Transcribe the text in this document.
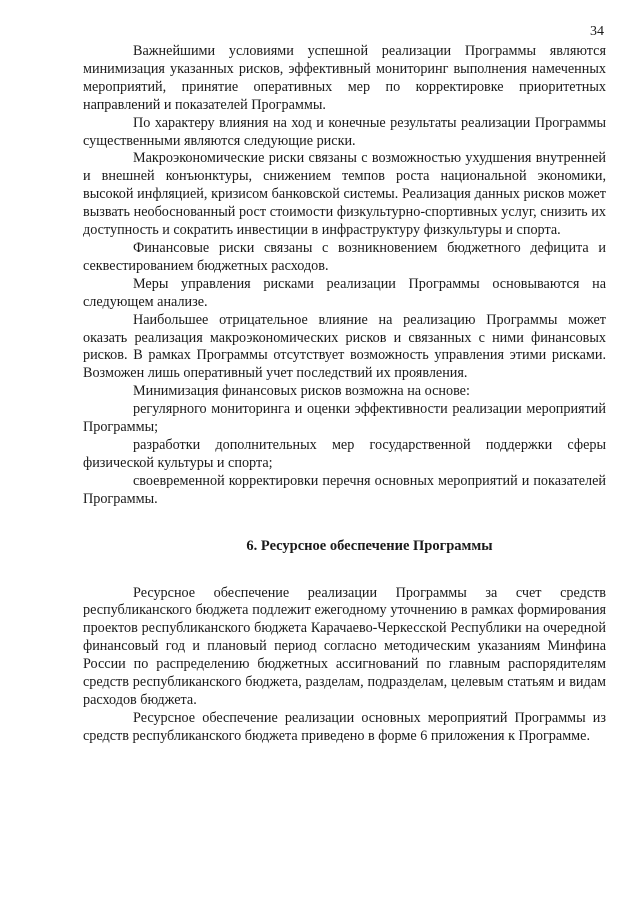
34

Важнейшими условиями успешной реализации Программы являются минимизация указанных рисков, эффективный мониторинг выполнения намеченных мероприятий, принятие оперативных мер по корректировке приоритетных направлений и показателей Программы.

По характеру влияния на ход и конечные результаты реализации Программы существенными являются следующие риски.

Макроэкономические риски связаны с возможностью ухудшения внутренней и внешней конъюнктуры, снижением темпов роста национальной экономики, высокой инфляцией, кризисом банковской системы. Реализация данных рисков может вызвать необоснованный рост стоимости физкультурно-спортивных услуг, снизить их доступность и сократить инвестиции в инфраструктуру физкультуры и спорта.

Финансовые риски связаны с возникновением бюджетного дефицита и секвестированием бюджетных расходов.

Меры управления рисками реализации Программы основываются на следующем анализе.

Наибольшее отрицательное влияние на реализацию Программы может оказать реализация макроэкономических рисков и связанных с ними финансовых рисков. В рамках Программы отсутствует возможность управления этими рисками. Возможен лишь оперативный учет последствий их проявления.

Минимизация финансовых рисков возможна на основе:

регулярного мониторинга и оценки эффективности реализации мероприятий Программы;

разработки дополнительных мер государственной поддержки сферы физической культуры и спорта;

своевременной корректировки перечня основных мероприятий и показателей Программы.

6. Ресурсное обеспечение Программы

Ресурсное обеспечение реализации Программы за счет средств республиканского бюджета подлежит ежегодному уточнению в рамках формирования проектов республиканского бюджета Карачаево-Черкесской Республики на очередной финансовый год и плановый период согласно методическим указаниям Минфина России по распределению бюджетных ассигнований по главным распорядителям средств республиканского бюджета, разделам, подразделам, целевым статьям и видам расходов бюджета.

Ресурсное обеспечение реализации основных мероприятий Программы из средств республиканского бюджета приведено в форме 6 приложения к Программе.
